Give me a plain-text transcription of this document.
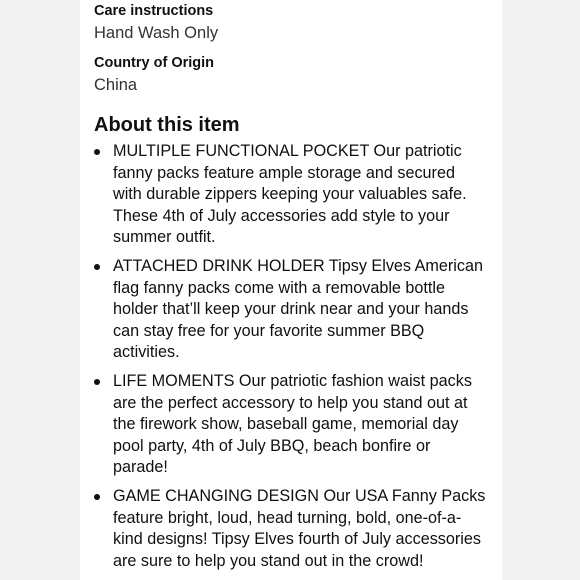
Care instructions
Hand Wash Only
Country of Origin
China
About this item
MULTIPLE FUNCTIONAL POCKET Our patriotic fanny packs feature ample storage and secured with durable zippers keeping your valuables safe. These 4th of July accessories add style to your summer outfit.
ATTACHED DRINK HOLDER Tipsy Elves American flag fanny packs come with a removable bottle holder that’ll keep your drink near and your hands can stay free for your favorite summer BBQ activities.
LIFE MOMENTS Our patriotic fashion waist packs are the perfect accessory to help you stand out at the firework show, baseball game, memorial day pool party, 4th of July BBQ, beach bonfire or parade!
GAME CHANGING DESIGN Our USA Fanny Packs feature bright, loud, head turning, bold, one-of-a-kind designs! Tipsy Elves fourth of July accessories are sure to help you stand out in the crowd!
